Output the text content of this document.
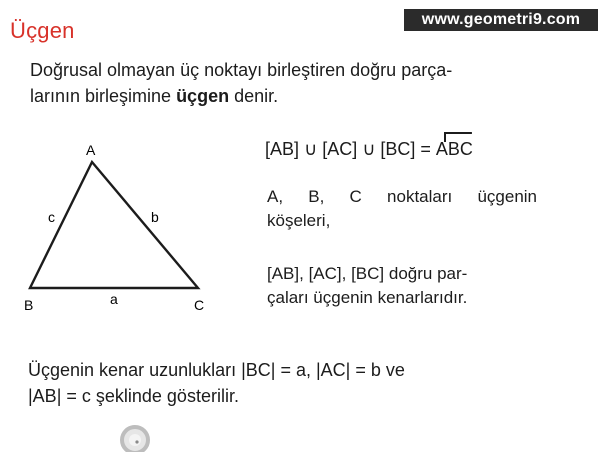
Üçgen	www.geometri9.com
Doğrusal olmayan üç noktayı birleştiren doğru parça-
larının birleşimine üçgen denir.
A
B	C
a
b
c
[AB] ∪ [AC] ∪ [BC] = ABC
A, B, C noktaları üçgenin
köşeleri,
[AB], [AC], [BC] doğru par-
çaları üçgenin kenarlarıdır.
Üçgenin kenar uzunlukları |BC| = a, |AC| = b ve
|AB| = c şeklinde gösterilir.
